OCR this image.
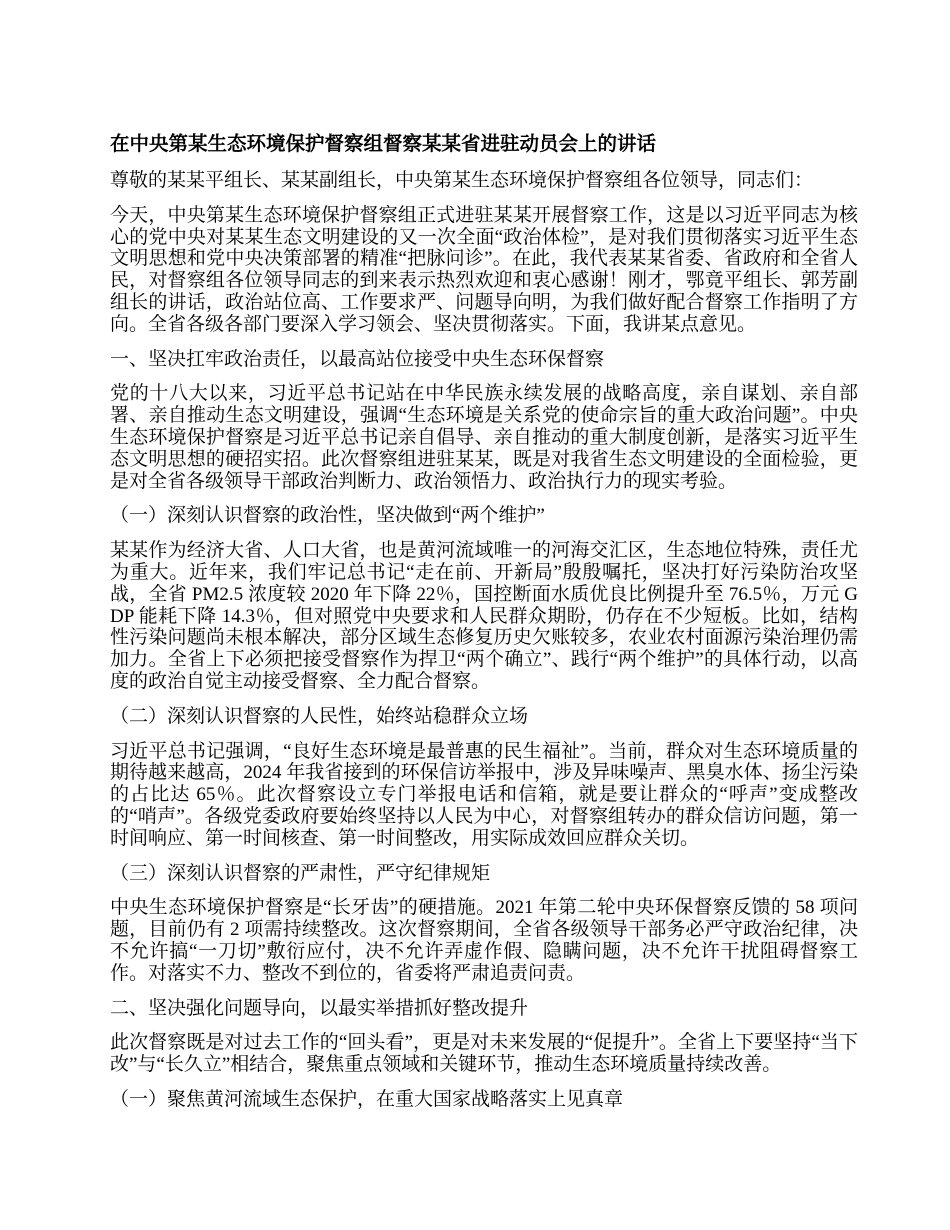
在中央第某生态环境保护督察组督察某某省进驻动员会上的讲话
尊敬的某某平组长、某某副组长，中央第某生态环境保护督察组各位领导，同志们：
今天，中央第某生态环境保护督察组正式进驻某某开展督察工作，这是以习近平同志为核心的党中央对某某生态文明建设的又一次全面“政治体检”，是对我们贯彻落实习近平生态文明思想和党中央决策部署的精准“把脉问诊”。在此，我代表某某省委、省政府和全省人民，对督察组各位领导同志的到来表示热烈欢迎和衷心感谢！刚才，鄂竟平组长、郭芳副组长的讲话，政治站位高、工作要求严、问题导向明，为我们做好配合督察工作指明了方向。全省各级各部门要深入学习领会、坚决贯彻落实。下面，我讲某点意见。
一、坚决扛牢政治责任，以最高站位接受中央生态环保督察
党的十八大以来，习近平总书记站在中华民族永续发展的战略高度，亲自谋划、亲自部署、亲自推动生态文明建设，强调“生态环境是关系党的使命宗旨的重大政治问题”。中央生态环境保护督察是习近平总书记亲自倡导、亲自推动的重大制度创新，是落实习近平生态文明思想的硬招实招。此次督察组进驻某某，既是对我省生态文明建设的全面检验，更是对全省各级领导干部政治判断力、政治领悟力、政治执行力的现实考验。
（一）深刻认识督察的政治性，坚决做到“两个维护”
某某作为经济大省、人口大省，也是黄河流域唯一的河海交汇区，生态地位特殊，责任尤为重大。近年来，我们牢记总书记“走在前、开新局”殷殷嘱托，坚决打好污染防治攻坚战，全省 PM2.5 浓度较 2020 年下降 22％，国控断面水质优良比例提升至 76.5％，万元 GDP 能耗下降 14.3％，但对照党中央要求和人民群众期盼，仍存在不少短板。比如，结构性污染问题尚未根本解决，部分区域生态修复历史欠账较多，农业农村面源污染治理仍需加力。全省上下必须把接受督察作为捍卫“两个确立”、践行“两个维护”的具体行动，以高度的政治自觉主动接受督察、全力配合督察。
（二）深刻认识督察的人民性，始终站稳群众立场
习近平总书记强调，“良好生态环境是最普惠的民生福祉”。当前，群众对生态环境质量的期待越来越高，2024 年我省接到的环保信访举报中，涉及异味噪声、黑臭水体、扬尘污染的占比达 65％。此次督察设立专门举报电话和信箱，就是要让群众的“呼声”变成整改的“哨声”。各级党委政府要始终坚持以人民为中心，对督察组转办的群众信访问题，第一时间响应、第一时间核查、第一时间整改，用实际成效回应群众关切。
（三）深刻认识督察的严肃性，严守纪律规矩
中央生态环境保护督察是“长牙齿”的硬措施。2021 年第二轮中央环保督察反馈的 58 项问题，目前仍有 2 项需持续整改。这次督察期间，全省各级领导干部务必严守政治纪律，决不允许搞“一刀切”敷衍应付，决不允许弄虚作假、隐瞒问题，决不允许干扰阻碍督察工作。对落实不力、整改不到位的，省委将严肃追责问责。
二、坚决强化问题导向，以最实举措抓好整改提升
此次督察既是对过去工作的“回头看”，更是对未来发展的“促提升”。全省上下要坚持“当下改”与“长久立”相结合，聚焦重点领域和关键环节，推动生态环境质量持续改善。
（一）聚焦黄河流域生态保护，在重大国家战略落实上见真章
